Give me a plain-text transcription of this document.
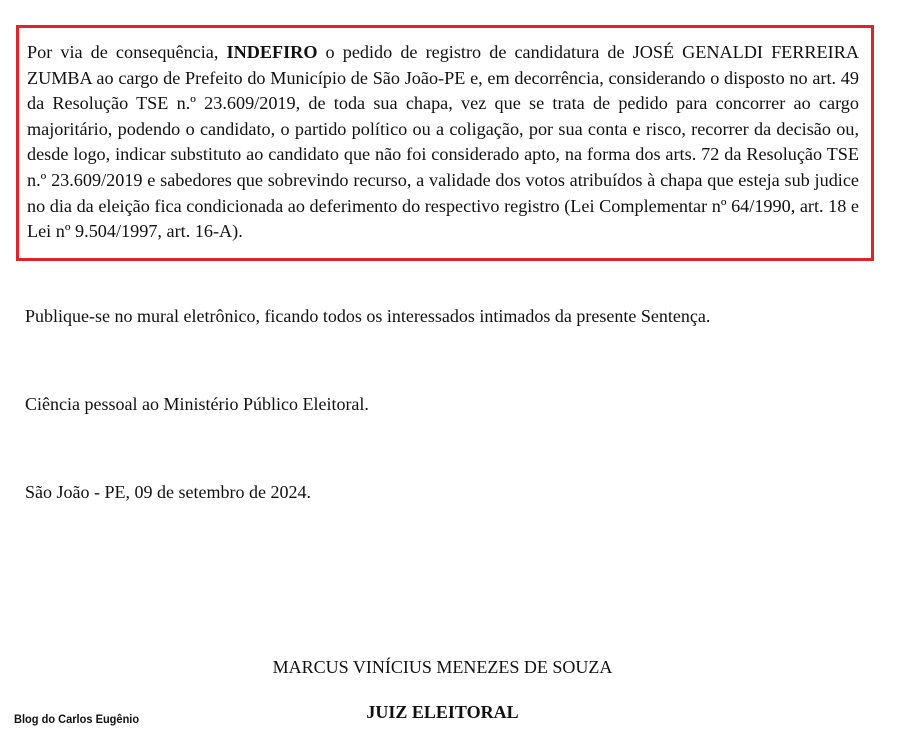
Por via de consequência, INDEFIRO o pedido de registro de candidatura de JOSÉ GENALDI FERREIRA ZUMBA ao cargo de Prefeito do Município de São João-PE e, em decorrência, considerando o disposto no art. 49 da Resolução TSE n.º 23.609/2019, de toda sua chapa, vez que se trata de pedido para concorrer ao cargo majoritário, podendo o candidato, o partido político ou a coligação, por sua conta e risco, recorrer da decisão ou, desde logo, indicar substituto ao candidato que não foi considerado apto, na forma dos arts. 72 da Resolução TSE n.º 23.609/2019 e sabedores que sobrevindo recurso, a validade dos votos atribuídos à chapa que esteja sub judice no dia da eleição fica condicionada ao deferimento do respectivo registro (Lei Complementar nº 64/1990, art. 18 e Lei nº 9.504/1997, art. 16-A).

Publique-se no mural eletrônico, ficando todos os interessados intimados da presente Sentença.

Ciência pessoal ao Ministério Público Eleitoral.

São João - PE, 09 de setembro de 2024.

MARCUS VINÍCIUS MENEZES DE SOUZA

JUIZ ELEITORAL

Blog do Carlos Eugênio
